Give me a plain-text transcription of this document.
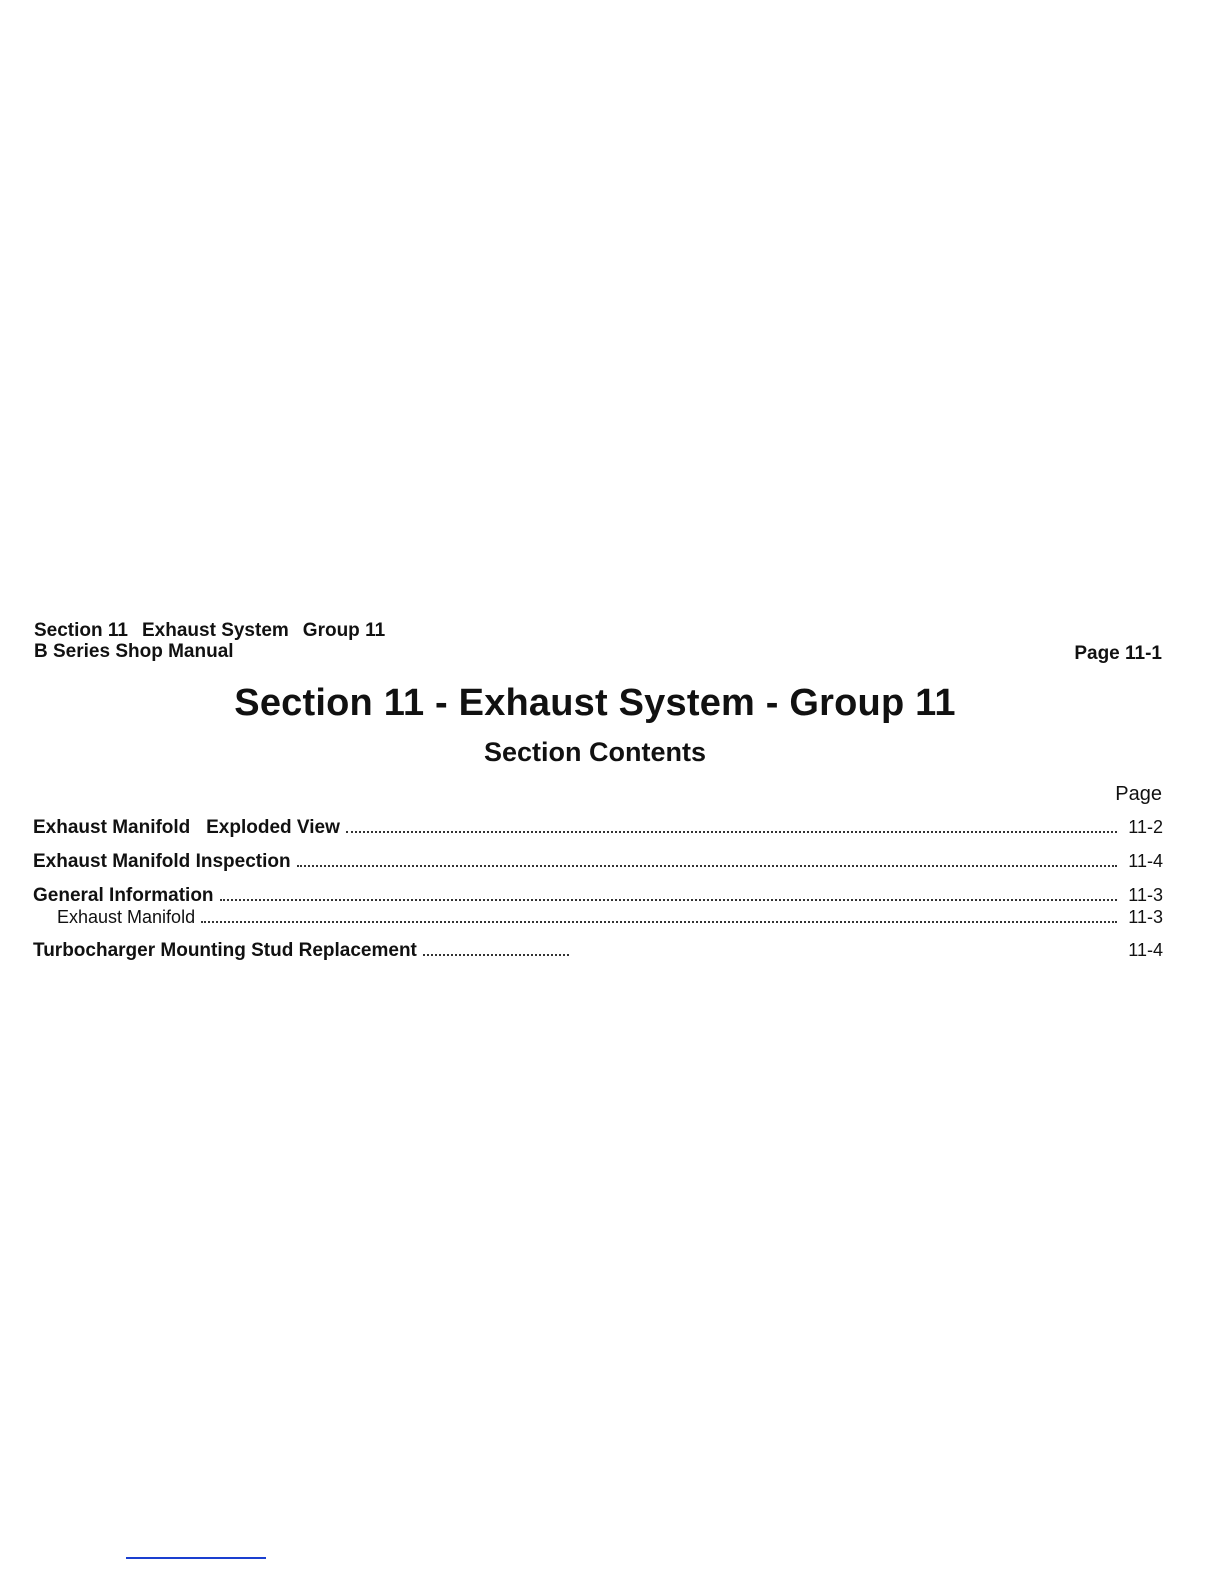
Section 11 Exhaust System Group 11
B Series Shop Manual	Page 11-1
Section 11 - Exhaust System - Group 11
Section Contents
Page
Exhaust Manifold   Exploded View	11-2
Exhaust Manifold Inspection	11-4
General Information	11-3
Exhaust Manifold	11-3
Turbocharger Mounting Stud Replacement	11-4
